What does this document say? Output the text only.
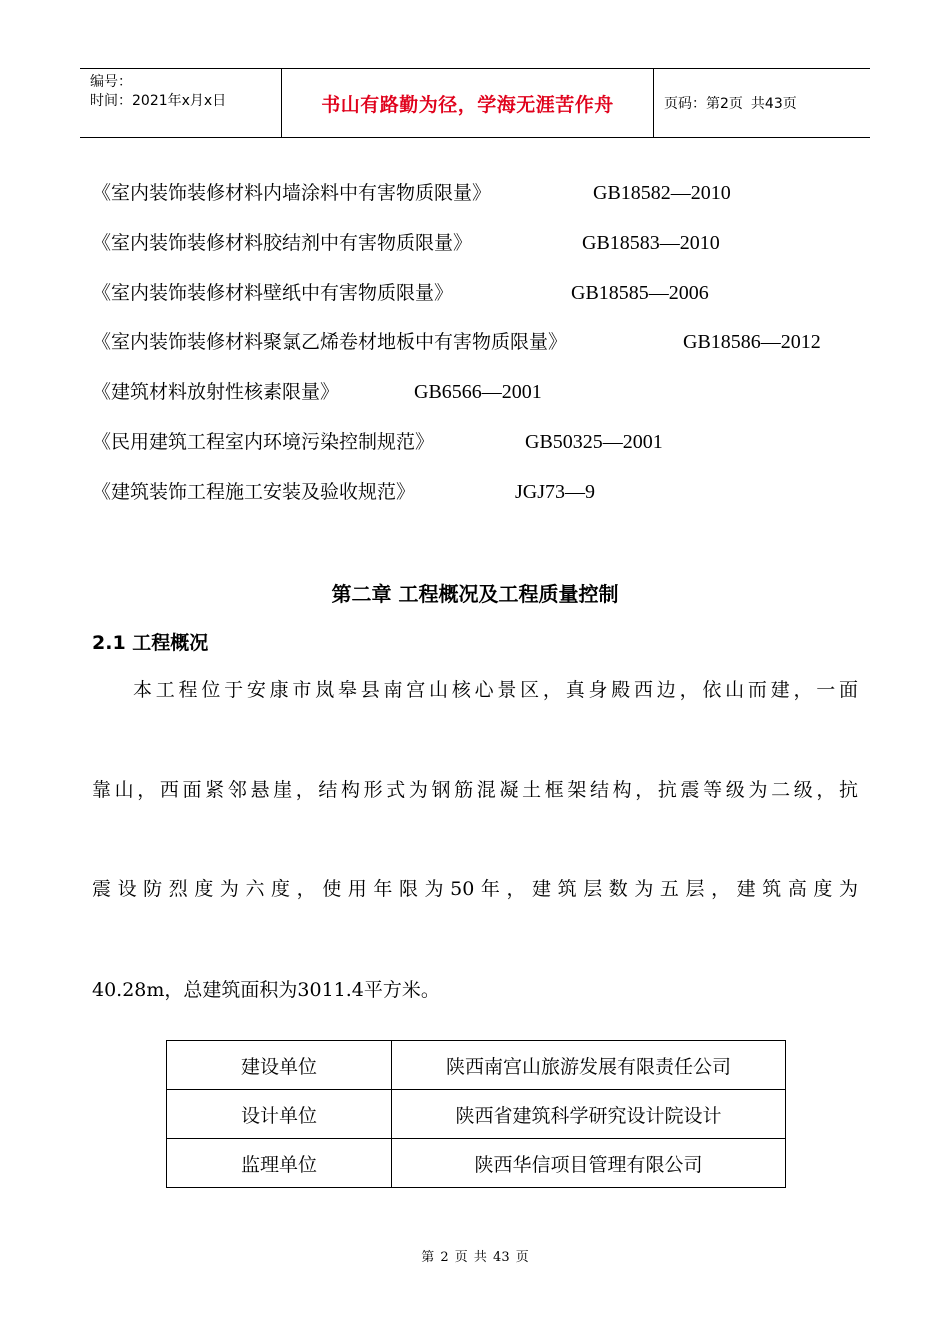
编号：
时间：2021年x月x日	书山有路勤为径，学海无涯苦作舟	页码：第2页 共43页
《室内装饰装修材料内墙涂料中有害物质限量》	GB18582—2010
《室内装饰装修材料胶结剂中有害物质限量》	GB18583—2010
《室内装饰装修材料壁纸中有害物质限量》	GB18585—2006
《室内装饰装修材料聚氯乙烯卷材地板中有害物质限量》	GB18586—2012
《建筑材料放射性核素限量》	GB6566—2001
《民用建筑工程室内环境污染控制规范》	GB50325—2001
《建筑装饰工程施工安装及验收规范》	JGJ73—9
第二章 工程概况及工程质量控制
2.1 工程概况
本工程位于安康市岚皋县南宫山核心景区，真身殿西边，依山而建，一面
靠山，西面紧邻悬崖，结构形式为钢筋混凝土框架结构，抗震等级为二级，抗
震设防烈度为六度，使用年限为50年，建筑层数为五层，建筑高度为
40.28m，总建筑面积为3011.4平方米。
建设单位	陕西南宫山旅游发展有限责任公司
设计单位	陕西省建筑科学研究设计院设计
监理单位	陕西华信项目管理有限公司
第 2 页 共 43 页
